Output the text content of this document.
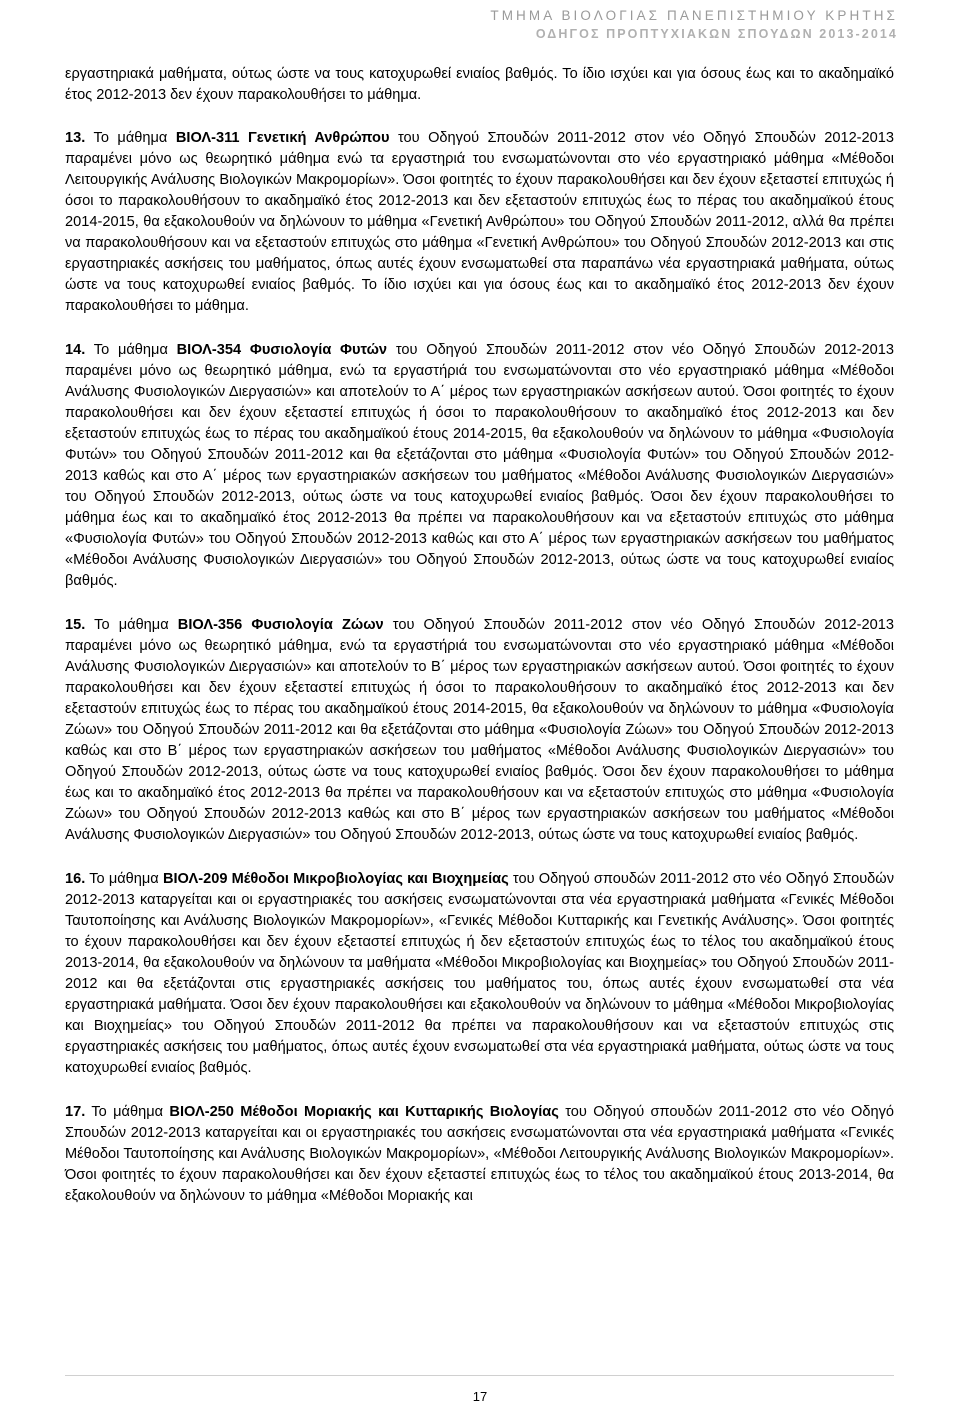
ΤΜΗΜΑ ΒΙΟΛΟΓΙΑΣ ΠΑΝΕΠΙΣΤΗΜΙΟΥ ΚΡΗΤΗΣ
ΟΔΗΓΟΣ ΠΡΟΠΤΥΧΙΑΚΩΝ ΣΠΟΥΔΩΝ 2013-2014

εργαστηριακά μαθήματα, ούτως ώστε να τους κατοχυρωθεί ενιαίος βαθμός. Το ίδιο ισχύει και για όσους έως και το ακαδημαϊκό έτος 2012-2013 δεν έχουν παρακολουθήσει το μάθημα.

13. Το μάθημα ΒΙΟΛ-311 Γενετική Ανθρώπου του Οδηγού Σπουδών 2011-2012 στον νέο Οδηγό Σπουδών 2012-2013 παραμένει μόνο ως θεωρητικό μάθημα ενώ τα εργαστηριά του ενσωματώνονται στο νέο εργαστηριακό μάθημα «Μέθοδοι Λειτουργικής Ανάλυσης Βιολογικών Μακρομορίων». Όσοι φοιτητές το έχουν παρακολουθήσει και δεν έχουν εξεταστεί επιτυχώς ή όσοι το παρακολουθήσουν το ακαδημαϊκό έτος 2012-2013 και δεν εξεταστούν επιτυχώς έως το πέρας του ακαδημαϊκού έτους 2014-2015, θα εξακολουθούν να δηλώνουν το μάθημα «Γενετική Ανθρώπου» του Οδηγού Σπουδών 2011-2012, αλλά θα πρέπει να παρακολουθήσουν και να εξεταστούν επιτυχώς στο μάθημα «Γενετική Ανθρώπου» του Οδηγού Σπουδών 2012-2013 και στις εργαστηριακές ασκήσεις του μαθήματος, όπως αυτές έχουν ενσωματωθεί στα παραπάνω νέα εργαστηριακά μαθήματα, ούτως ώστε να τους κατοχυρωθεί ενιαίος βαθμός. Το ίδιο ισχύει και για όσους έως και το ακαδημαϊκό έτος 2012-2013 δεν έχουν παρακολουθήσει το μάθημα.

14. Το μάθημα ΒΙΟΛ-354 Φυσιολογία Φυτών του Οδηγού Σπουδών 2011-2012 στον νέο Οδηγό Σπουδών 2012-2013 παραμένει μόνο ως θεωρητικό μάθημα, ενώ τα εργαστήριά του ενσωματώνονται στο νέο εργαστηριακό μάθημα «Μέθοδοι Ανάλυσης Φυσιολογικών Διεργασιών» και αποτελούν το Α΄ μέρος των εργαστηριακών ασκήσεων αυτού. Όσοι φοιτητές το έχουν παρακολουθήσει και δεν έχουν εξεταστεί επιτυχώς ή όσοι το παρακολουθήσουν το ακαδημαϊκό έτος 2012-2013 και δεν εξεταστούν επιτυχώς έως το πέρας του ακαδημαϊκού έτους 2014-2015, θα εξακολουθούν να δηλώνουν το μάθημα «Φυσιολογία Φυτών» του Οδηγού Σπουδών 2011-2012 και θα εξετάζονται στο μάθημα «Φυσιολογία Φυτών» του Οδηγού Σπουδών 2012-2013 καθώς και στο Α΄ μέρος των εργαστηριακών ασκήσεων του μαθήματος «Μέθοδοι Ανάλυσης Φυσιολογικών Διεργασιών» του Οδηγού Σπουδών 2012-2013, ούτως ώστε να τους κατοχυρωθεί ενιαίος βαθμός. Όσοι δεν έχουν παρακολουθήσει το μάθημα έως και το ακαδημαϊκό έτος 2012-2013 θα πρέπει να παρακολουθήσουν και να εξεταστούν επιτυχώς στο μάθημα «Φυσιολογία Φυτών» του Οδηγού Σπουδών 2012-2013 καθώς και στο Α΄ μέρος των εργαστηριακών ασκήσεων του μαθήματος «Μέθοδοι Ανάλυσης Φυσιολογικών Διεργασιών» του Οδηγού Σπουδών 2012-2013, ούτως ώστε να τους κατοχυρωθεί ενιαίος βαθμός.

15. Το μάθημα ΒΙΟΛ-356 Φυσιολογία Ζώων του Οδηγού Σπουδών 2011-2012 στον νέο Οδηγό Σπουδών 2012-2013 παραμένει μόνο ως θεωρητικό μάθημα, ενώ τα εργαστήριά του ενσωματώνονται στο νέο εργαστηριακό μάθημα «Μέθοδοι Ανάλυσης Φυσιολογικών Διεργασιών» και αποτελούν το Β΄ μέρος των εργαστηριακών ασκήσεων αυτού. Όσοι φοιτητές το έχουν παρακολουθήσει και δεν έχουν εξεταστεί επιτυχώς ή όσοι το παρακολουθήσουν το ακαδημαϊκό έτος 2012-2013 και δεν εξεταστούν επιτυχώς έως το πέρας του ακαδημαϊκού έτους 2014-2015, θα εξακολουθούν να δηλώνουν το μάθημα «Φυσιολογία Ζώων» του Οδηγού Σπουδών 2011-2012 και θα εξετάζονται στο μάθημα «Φυσιολογία Ζώων» του Οδηγού Σπουδών 2012-2013 καθώς και στο Β΄ μέρος των εργαστηριακών ασκήσεων του μαθήματος «Μέθοδοι Ανάλυσης Φυσιολογικών Διεργασιών» του Οδηγού Σπουδών 2012-2013, ούτως ώστε να τους κατοχυρωθεί ενιαίος βαθμός. Όσοι δεν έχουν παρακολουθήσει το μάθημα έως και το ακαδημαϊκό έτος 2012-2013 θα πρέπει να παρακολουθήσουν και να εξεταστούν επιτυχώς στο μάθημα «Φυσιολογία Ζώων» του Οδηγού Σπουδών 2012-2013 καθώς και στο Β΄ μέρος των εργαστηριακών ασκήσεων του μαθήματος «Μέθοδοι Ανάλυσης Φυσιολογικών Διεργασιών» του Οδηγού Σπουδών 2012-2013, ούτως ώστε να τους κατοχυρωθεί ενιαίος βαθμός.

16. Το μάθημα ΒΙΟΛ-209 Μέθοδοι Μικροβιολογίας και Βιοχημείας του Οδηγού σπουδών 2011-2012 στο νέο Οδηγό Σπουδών 2012-2013 καταργείται και οι εργαστηριακές του ασκήσεις ενσωματώνονται στα νέα εργαστηριακά μαθήματα «Γενικές Μέθοδοι Ταυτοποίησης και Ανάλυσης Βιολογικών Μακρομορίων», «Γενικές Μέθοδοι Κυτταρικής και Γενετικής Ανάλυσης». Όσοι φοιτητές το έχουν παρακολουθήσει και δεν έχουν εξεταστεί επιτυχώς ή δεν εξεταστούν επιτυχώς έως το τέλος του ακαδημαϊκού έτους 2013-2014, θα εξακολουθούν να δηλώνουν τα μαθήματα «Μέθοδοι Μικροβιολογίας και Βιοχημείας» του Οδηγού Σπουδών 2011-2012 και θα εξετάζονται στις εργαστηριακές ασκήσεις του μαθήματος του, όπως αυτές έχουν ενσωματωθεί στα νέα εργαστηριακά μαθήματα. Όσοι δεν έχουν παρακολουθήσει και εξακολουθούν να δηλώνουν το μάθημα «Μέθοδοι Μικροβιολογίας και Βιοχημείας» του Οδηγού Σπουδών 2011-2012 θα πρέπει να παρακολουθήσουν και να εξεταστούν επιτυχώς στις εργαστηριακές ασκήσεις του μαθήματος, όπως αυτές έχουν ενσωματωθεί στα νέα εργαστηριακά μαθήματα, ούτως ώστε να τους κατοχυρωθεί ενιαίος βαθμός.

17. Το μάθημα ΒΙΟΛ-250 Μέθοδοι Μοριακής και Κυτταρικής Βιολογίας του Οδηγού σπουδών 2011-2012 στο νέο Οδηγό Σπουδών 2012-2013 καταργείται και οι εργαστηριακές του ασκήσεις ενσωματώνονται στα νέα εργαστηριακά μαθήματα «Γενικές Μέθοδοι Ταυτοποίησης και Ανάλυσης Βιολογικών Μακρομορίων», «Μέθοδοι Λειτουργικής Ανάλυσης Βιολογικών Μακρομορίων». Όσοι φοιτητές το έχουν παρακολουθήσει και δεν έχουν εξεταστεί επιτυχώς έως το τέλος του ακαδημαϊκού έτους 2013-2014, θα εξακολουθούν να δηλώνουν το μάθημα «Μέθοδοι Μοριακής και

17
